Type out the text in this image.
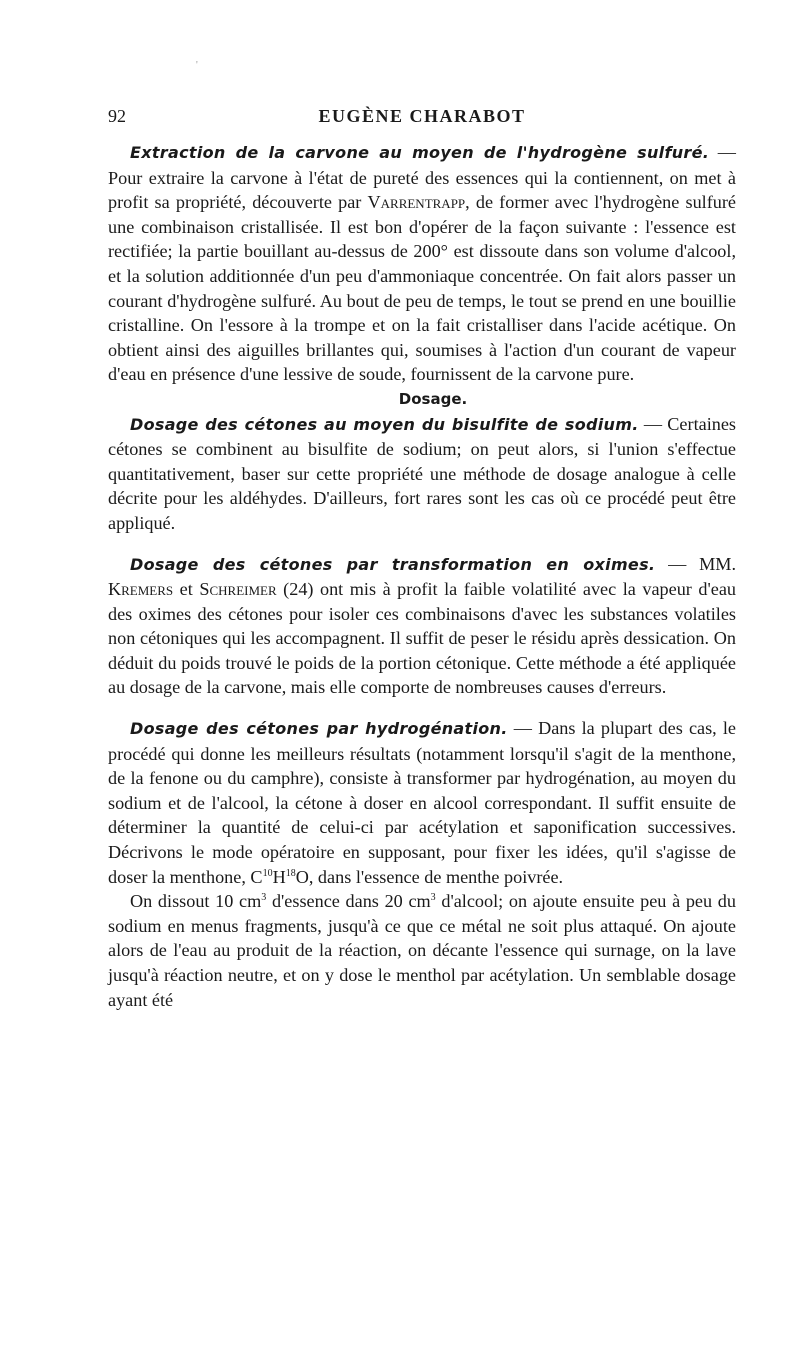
'
92	EUGÈNE CHARABOT

Extraction de la carvone au moyen de l'hydrogène sulfuré. — Pour extraire la carvone à l'état de pureté des essences qui la contiennent, on met à profit sa propriété, découverte par Varrentrapp, de former avec l'hydrogène sulfuré une combinaison cristallisée. Il est bon d'opérer de la façon suivante : l'essence est rectifiée; la partie bouillant au-dessus de 200° est dissoute dans son volume d'alcool, et la solution additionnée d'un peu d'ammoniaque concentrée. On fait alors passer un courant d'hydrogène sulfuré. Au bout de peu de temps, le tout se prend en une bouillie cristalline. On l'essore à la trompe et on la fait cristalliser dans l'acide acétique. On obtient ainsi des aiguilles brillantes qui, soumises à l'action d'un courant de vapeur d'eau en présence d'une lessive de soude, fournissent de la carvone pure.

Dosage.

Dosage des cétones au moyen du bisulfite de sodium. — Certaines cétones se combinent au bisulfite de sodium; on peut alors, si l'union s'effectue quantitativement, baser sur cette propriété une méthode de dosage analogue à celle décrite pour les aldéhydes. D'ailleurs, fort rares sont les cas où ce procédé peut être appliqué.

Dosage des cétones par transformation en oximes. — MM. Kremers et Schreimer (24) ont mis à profit la faible volatilité avec la vapeur d'eau des oximes des cétones pour isoler ces combinaisons d'avec les substances volatiles non cétoniques qui les accompagnent. Il suffit de peser le résidu après dessication. On déduit du poids trouvé le poids de la portion cétonique. Cette méthode a été appliquée au dosage de la carvone, mais elle comporte de nombreuses causes d'erreurs.

Dosage des cétones par hydrogénation. — Dans la plupart des cas, le procédé qui donne les meilleurs résultats (notamment lorsqu'il s'agit de la menthone, de la fenone ou du camphre), consiste à transformer par hydrogénation, au moyen du sodium et de l'alcool, la cétone à doser en alcool correspondant. Il suffit ensuite de déterminer la quantité de celui-ci par acétylation et saponification successives. Décrivons le mode opératoire en supposant, pour fixer les idées, qu'il s'agisse de doser la menthone, $C^{10}H^{18}O$, dans l'essence de menthe poivrée.

On dissout 10 $cm^3$ d'essence dans 20 $cm^3$ d'alcool; on ajoute ensuite peu à peu du sodium en menus fragments, jusqu'à ce que ce métal ne soit plus attaqué. On ajoute alors de l'eau au produit de la réaction, on décante l'essence qui surnage, on la lave jusqu'à réaction neutre, et on y dose le menthol par acétylation. Un semblable dosage ayant été
